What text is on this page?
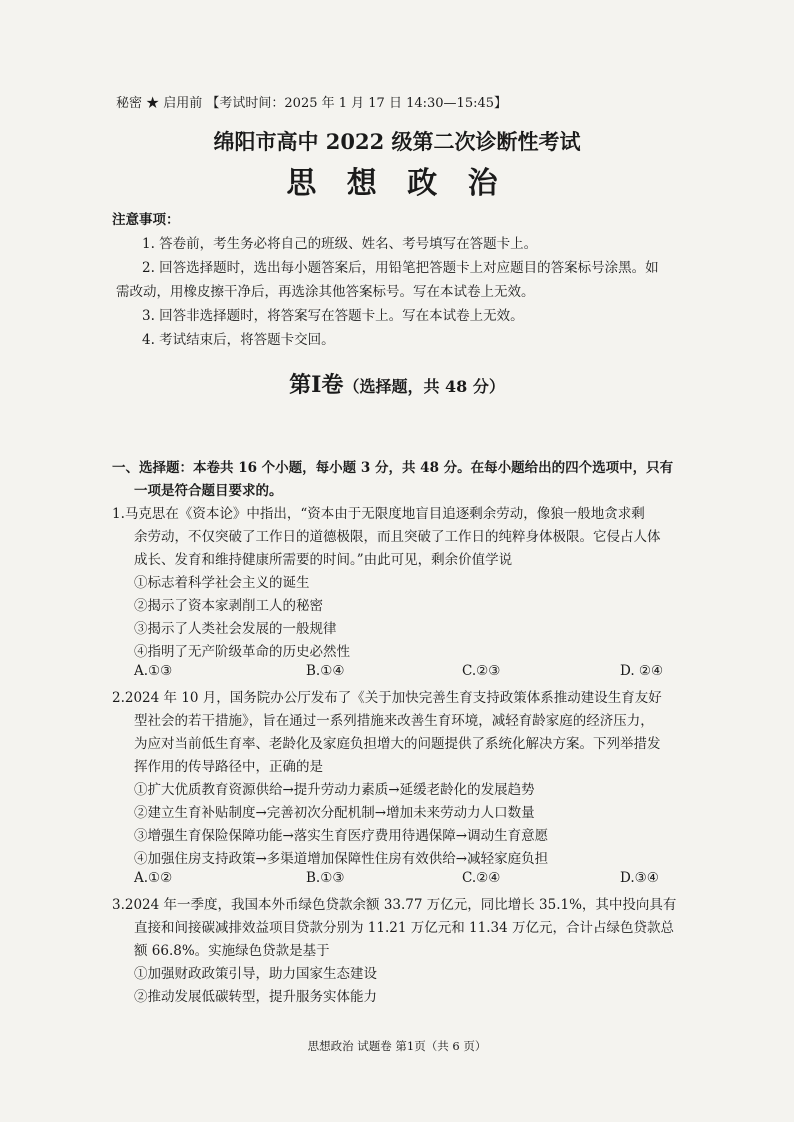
秘密 ★ 启用前 【考试时间：2025 年 1 月 17 日 14:30—15:45】
绵阳市高中 2022 级第二次诊断性考试
思 想 政 治
注意事项：
1. 答卷前，考生务必将自己的班级、姓名、考号填写在答题卡上。
2. 回答选择题时，选出每小题答案后，用铅笔把答题卡上对应题目的答案标号涂黑。如
需改动，用橡皮擦干净后，再选涂其他答案标号。写在本试卷上无效。
3. 回答非选择题时，将答案写在答题卡上。写在本试卷上无效。
4. 考试结束后，将答题卡交回。
第Ⅰ卷（选择题，共 48 分）
一、选择题：本卷共 16 个小题，每小题 3 分，共 48 分。在每小题给出的四个选项中，只有
一项是符合题目要求的。
1.马克思在《资本论》中指出，“资本由于无限度地盲目追逐剩余劳动，像狼一般地贪求剩
余劳动，不仅突破了工作日的道德极限，而且突破了工作日的纯粹身体极限。它侵占人体
成长、发育和维持健康所需要的时间。”由此可见，剩余价值学说
①标志着科学社会主义的诞生
②揭示了资本家剥削工人的秘密
③揭示了人类社会发展的一般规律
④指明了无产阶级革命的历史必然性
A.①③	B.①④	C.②③	D. ②④
2.2024 年 10 月，国务院办公厅发布了《关于加快完善生育支持政策体系推动建设生育友好
型社会的若干措施》，旨在通过一系列措施来改善生育环境，减轻育龄家庭的经济压力，
为应对当前低生育率、老龄化及家庭负担增大的问题提供了系统化解决方案。下列举措发
挥作用的传导路径中，正确的是
①扩大优质教育资源供给→提升劳动力素质→延缓老龄化的发展趋势
②建立生育补贴制度→完善初次分配机制→增加未来劳动力人口数量
③增强生育保险保障功能→落实生育医疗费用待遇保障→调动生育意愿
④加强住房支持政策→多渠道增加保障性住房有效供给→减轻家庭负担
A.①②	B.①③	C.②④	D.③④
3.2024 年一季度，我国本外币绿色贷款余额 33.77 万亿元，同比增长 35.1%，其中投向具有
直接和间接碳减排效益项目贷款分别为 11.21 万亿元和 11.34 万亿元，合计占绿色贷款总
额 66.8%。实施绿色贷款是基于
①加强财政政策引导，助力国家生态建设
②推动发展低碳转型，提升服务实体能力
思想政治 试题卷 第1页（共 6 页）
